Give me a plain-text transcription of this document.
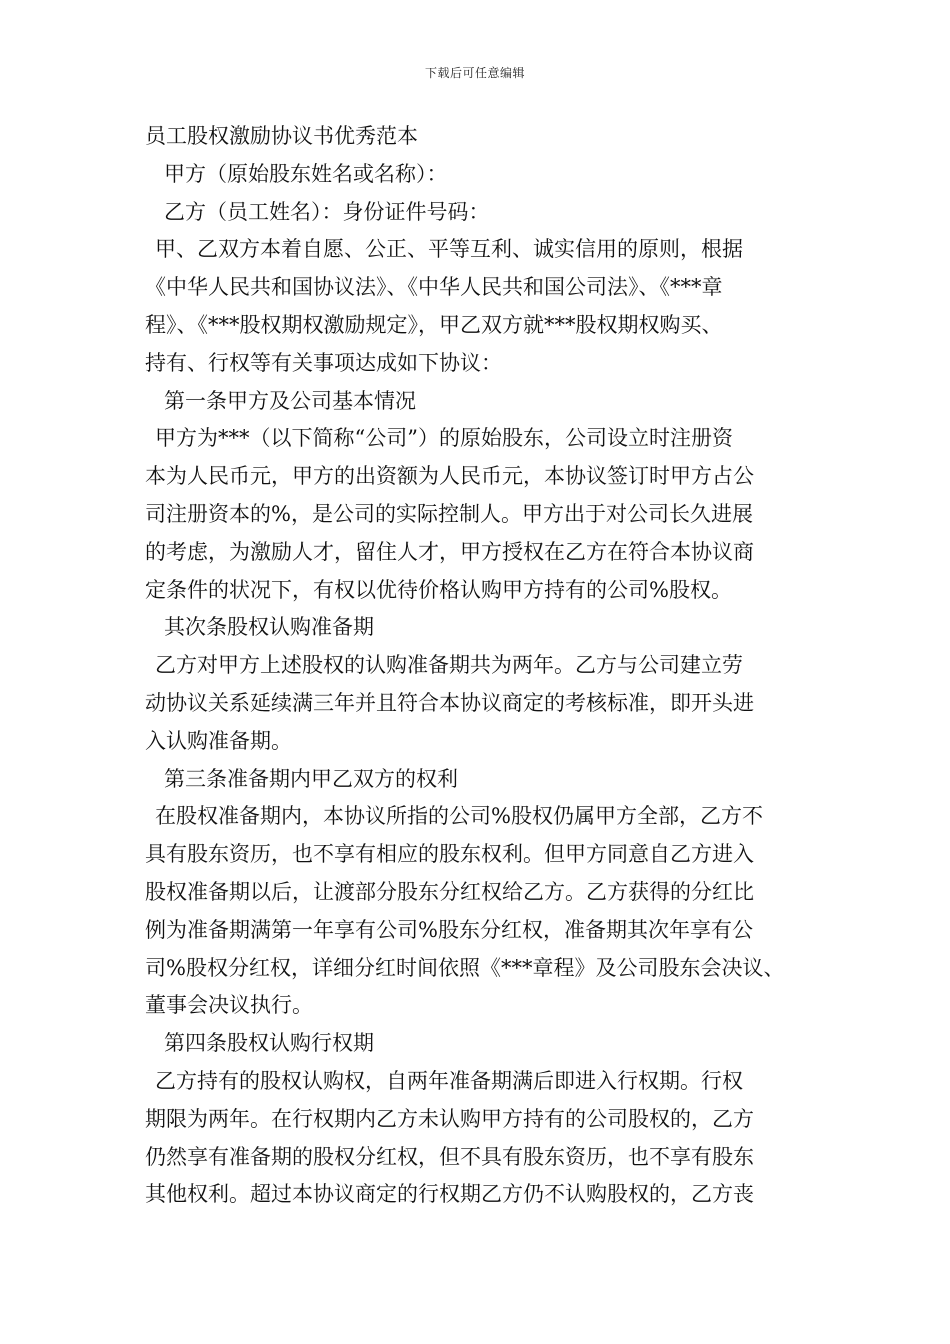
下载后可任意编辑

员工股权激励协议书优秀范本

甲方（原始股东姓名或名称）：

乙方（员工姓名）：身份证件号码：

甲、乙双方本着自愿、公正、平等互利、诚实信用的原则，根据

《中华人民共和国协议法》、《中华人民共和国公司法》、《***章

程》、《***股权期权激励规定》，甲乙双方就***股权期权购买、

持有、行权等有关事项达成如下协议：

第一条甲方及公司基本情况

甲方为***（以下简称“公司”）的原始股东，公司设立时注册资

本为人民币元，甲方的出资额为人民币元，本协议签订时甲方占公

司注册资本的%，是公司的实际控制人。甲方出于对公司长久进展

的考虑，为激励人才，留住人才，甲方授权在乙方在符合本协议商

定条件的状况下，有权以优待价格认购甲方持有的公司%股权。

其次条股权认购准备期

乙方对甲方上述股权的认购准备期共为两年。乙方与公司建立劳

动协议关系延续满三年并且符合本协议商定的考核标准，即开头进

入认购准备期。

第三条准备期内甲乙双方的权利

在股权准备期内，本协议所指的公司%股权仍属甲方全部，乙方不

具有股东资历，也不享有相应的股东权利。但甲方同意自乙方进入

股权准备期以后，让渡部分股东分红权给乙方。乙方获得的分红比

例为准备期满第一年享有公司%股东分红权，准备期其次年享有公

司%股权分红权，详细分红时间依照《***章程》及公司股东会决议、

董事会决议执行。

第四条股权认购行权期

乙方持有的股权认购权，自两年准备期满后即进入行权期。行权

期限为两年。在行权期内乙方未认购甲方持有的公司股权的，乙方

仍然享有准备期的股权分红权，但不具有股东资历，也不享有股东

其他权利。超过本协议商定的行权期乙方仍不认购股权的，乙方丧
